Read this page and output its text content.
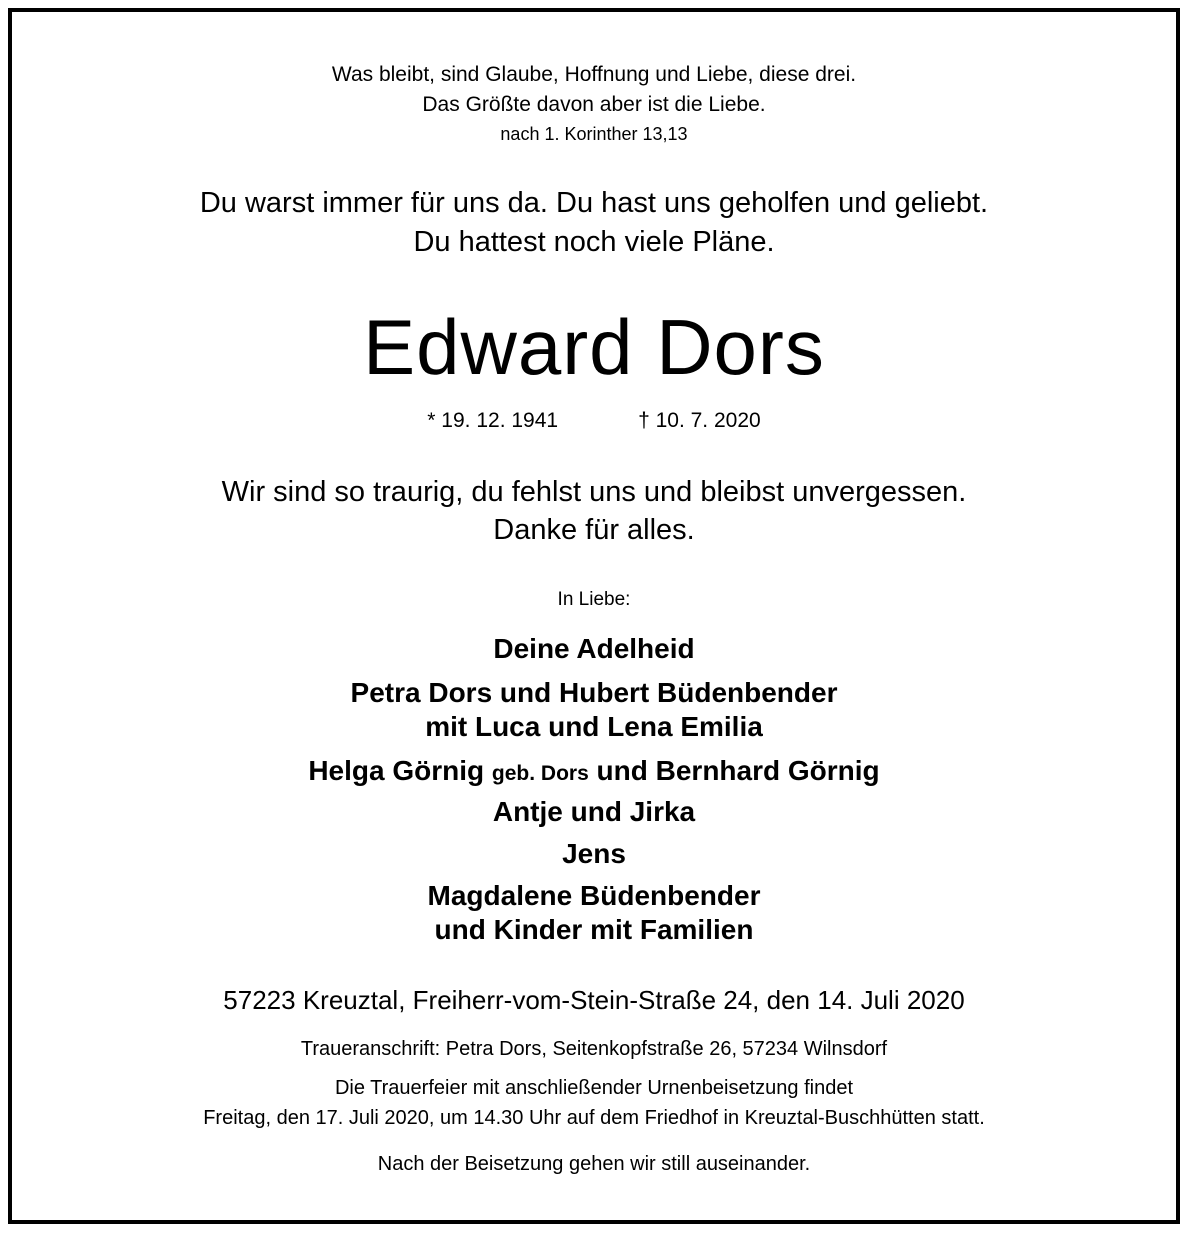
Was bleibt, sind Glaube, Hoffnung und Liebe, diese drei.
Das Größte davon aber ist die Liebe.
nach 1. Korinther 13,13
Du warst immer für uns da. Du hast uns geholfen und geliebt.
Du hattest noch viele Pläne.
Edward Dors
* 19. 12. 1941	† 10. 7. 2020
Wir sind so traurig, du fehlst uns und bleibst unvergessen.
Danke für alles.
In Liebe:
Deine Adelheid
Petra Dors und Hubert Büdenbender
mit Luca und Lena Emilia
Helga Görnig geb. Dors und Bernhard Görnig
Antje und Jirka
Jens
Magdalene Büdenbender
und Kinder mit Familien
57223 Kreuztal, Freiherr-vom-Stein-Straße 24, den 14. Juli 2020
Traueranschrift: Petra Dors, Seitenkopfstraße 26, 57234 Wilnsdorf
Die Trauerfeier mit anschließender Urnenbeisetzung findet
Freitag, den 17. Juli 2020, um 14.30 Uhr auf dem Friedhof in Kreuztal-Buschhütten statt.
Nach der Beisetzung gehen wir still auseinander.
